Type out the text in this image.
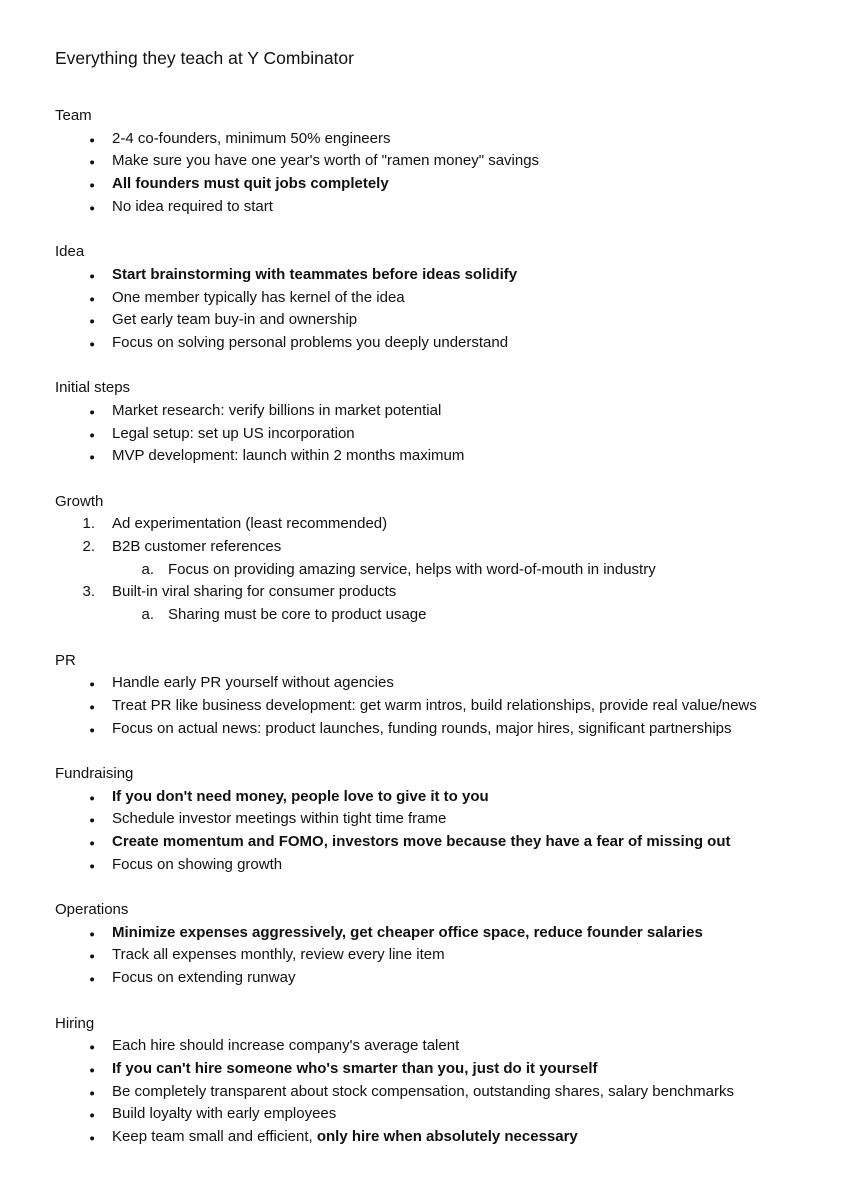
Everything they teach at Y Combinator
Team
●	2-4 co-founders, minimum 50% engineers
●	Make sure you have one year's worth of "ramen money" savings
●	All founders must quit jobs completely
●	No idea required to start
Idea
●	Start brainstorming with teammates before ideas solidify
●	One member typically has kernel of the idea
●	Get early team buy-in and ownership
●	Focus on solving personal problems you deeply understand
Initial steps
●	Market research: verify billions in market potential
●	Legal setup: set up US incorporation
●	MVP development: launch within 2 months maximum
Growth
1.	Ad experimentation (least recommended)
2.	B2B customer references
a. Focus on providing amazing service, helps with word-of-mouth in industry
3.	Built-in viral sharing for consumer products
a. Sharing must be core to product usage
PR
●	Handle early PR yourself without agencies
●	Treat PR like business development: get warm intros, build relationships, provide real value/news
●	Focus on actual news: product launches, funding rounds, major hires, significant partnerships
Fundraising
●	If you don't need money, people love to give it to you
●	Schedule investor meetings within tight time frame
●	Create momentum and FOMO, investors move because they have a fear of missing out
●	Focus on showing growth
Operations
●	Minimize expenses aggressively, get cheaper office space, reduce founder salaries
●	Track all expenses monthly, review every line item
●	Focus on extending runway
Hiring
●	Each hire should increase company's average talent
●	If you can't hire someone who's smarter than you, just do it yourself
●	Be completely transparent about stock compensation, outstanding shares, salary benchmarks
●	Build loyalty with early employees
●	Keep team small and efficient, only hire when absolutely necessary
